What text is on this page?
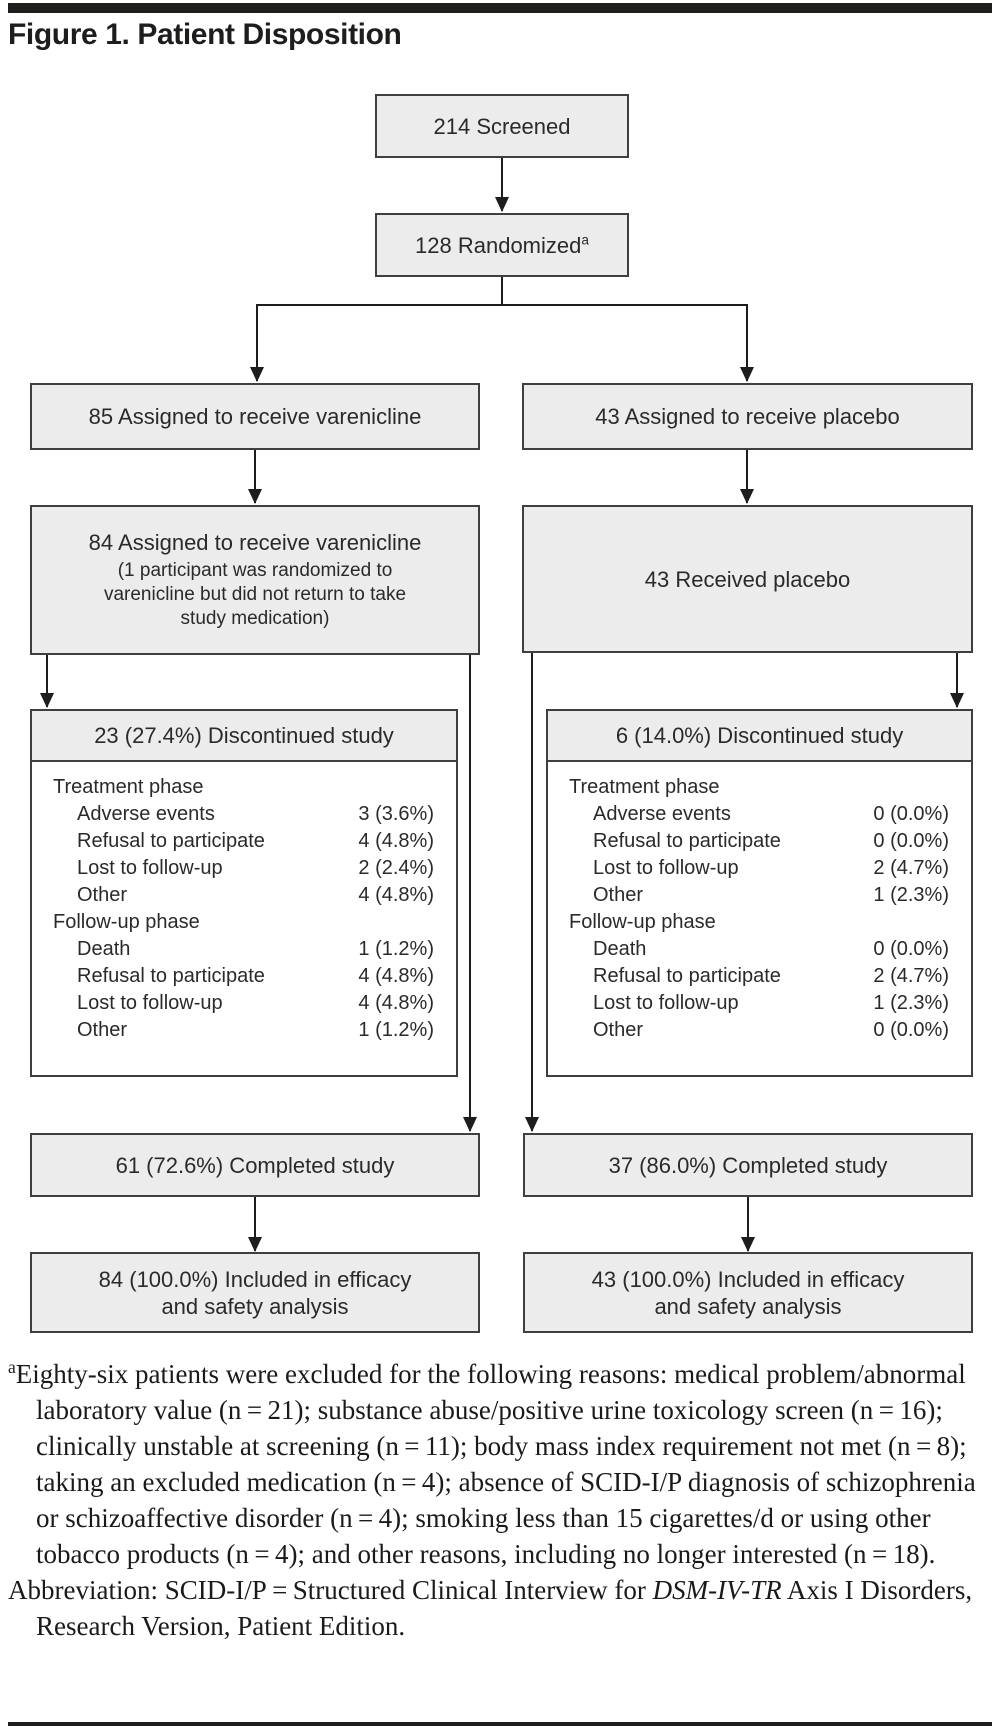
Figure 1. Patient Disposition
214 Screened
128 Randomized$^a$
85 Assigned to receive varenicline	43 Assigned to receive placebo
84 Assigned to receive varenicline
(1 participant was randomized to varenicline but did not return to take study medication)
43 Received placebo
23 (27.4%) Discontinued study
Treatment phase
Adverse events	3 (3.6%)
Refusal to participate	4 (4.8%)
Lost to follow-up	2 (2.4%)
Other	4 (4.8%)
Follow-up phase
Death	1 (1.2%)
Refusal to participate	4 (4.8%)
Lost to follow-up	4 (4.8%)
Other	1 (1.2%)
6 (14.0%) Discontinued study
Treatment phase
Adverse events	0 (0.0%)
Refusal to participate	0 (0.0%)
Lost to follow-up	2 (4.7%)
Other	1 (2.3%)
Follow-up phase
Death	0 (0.0%)
Refusal to participate	2 (4.7%)
Lost to follow-up	1 (2.3%)
Other	0 (0.0%)
61 (72.6%) Completed study	37 (86.0%) Completed study
84 (100.0%) Included in efficacy
and safety analysis
43 (100.0%) Included in efficacy
and safety analysis

$^a$Eighty-six patients were excluded for the following reasons: medical problem/abnormal laboratory value (n = 21); substance abuse/positive urine toxicology screen (n = 16); clinically unstable at screening (n = 11); body mass index requirement not met (n = 8); taking an excluded medication (n = 4); absence of SCID-I/P diagnosis of schizophrenia or schizoaffective disorder (n = 4); smoking less than 15 cigarettes/d or using other tobacco products (n = 4); and other reasons, including no longer interested (n = 18).

Abbreviation: SCID-I/P = Structured Clinical Interview for DSM-IV-TR Axis I Disorders, Research Version, Patient Edition.
